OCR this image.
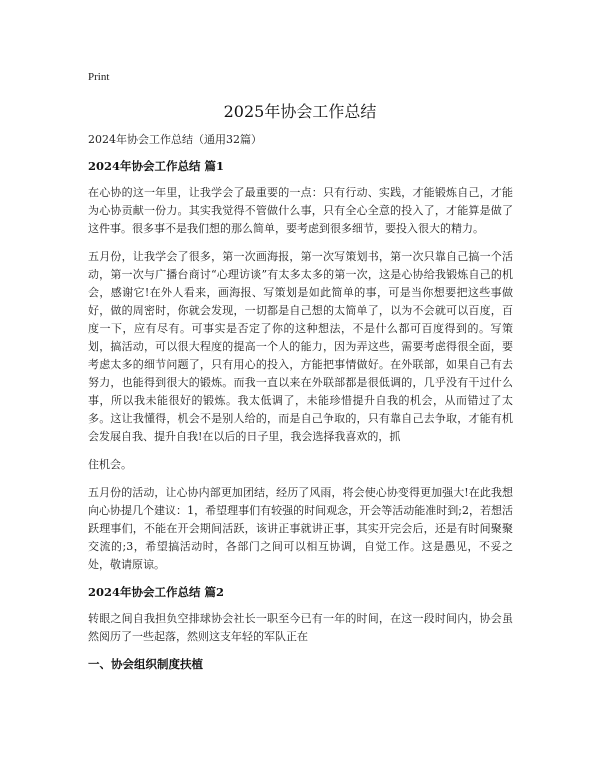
Print
2025年协会工作总结

2024年协会工作总结（通用32篇）

2024年协会工作总结 篇1

在心协的这一年里，让我学会了最重要的一点：只有行动、实践，才能锻炼自己，才能为心协贡献一份力。其实我觉得不管做什么事，只有全心全意的投入了，才能算是做了这件事。很多事不是我们想的那么简单，要考虑到很多细节，要投入很大的精力。

五月份，让我学会了很多，第一次画海报，第一次写策划书，第一次只靠自己搞一个活动，第一次与广播台商讨“心理访谈”有太多太多的第一次，这是心协给我锻炼自己的机会，感谢它!在外人看来，画海报、写策划是如此简单的事，可是当你想要把这些事做好，做的周密时，你就会发现，一切都是自己想的太简单了，以为不会就可以百度，百度一下，应有尽有。可事实是否定了你的这种想法，不是什么都可百度得到的。写策划，搞活动，可以很大程度的提高一个人的能力，因为弄这些，需要考虑得很全面，要考虑太多的细节问题了，只有用心的投入，方能把事情做好。在外联部，如果自己有去努力，也能得到很大的锻炼。而我一直以来在外联部都是很低调的，几乎没有干过什么事，所以我未能很好的锻炼。我太低调了，未能珍惜提升自我的机会，从而错过了太多。这让我懂得，机会不是别人给的，而是自己争取的，只有靠自己去争取，才能有机会发展自我、提升自我!在以后的日子里，我会选择我喜欢的，抓

住机会。

五月份的活动，让心协内部更加团结，经历了风雨，将会使心协变得更加强大!在此我想向心协提几个建议：1，希望理事们有较强的时间观念，开会等活动能准时到;2，若想活跃理事们，不能在开会期间活跃，该讲正事就讲正事，其实开完会后，还是有时间聚聚交流的;3，希望搞活动时，各部门之间可以相互协调，自觉工作。这是愚见，不妥之处，敬请原谅。

2024年协会工作总结 篇2

转眼之间自我担负空排球协会社长一职至今已有一年的时间，在这一段时间内，协会虽然阅历了一些起落，然则这支年轻的军队正在

一、协会组织制度扶植
